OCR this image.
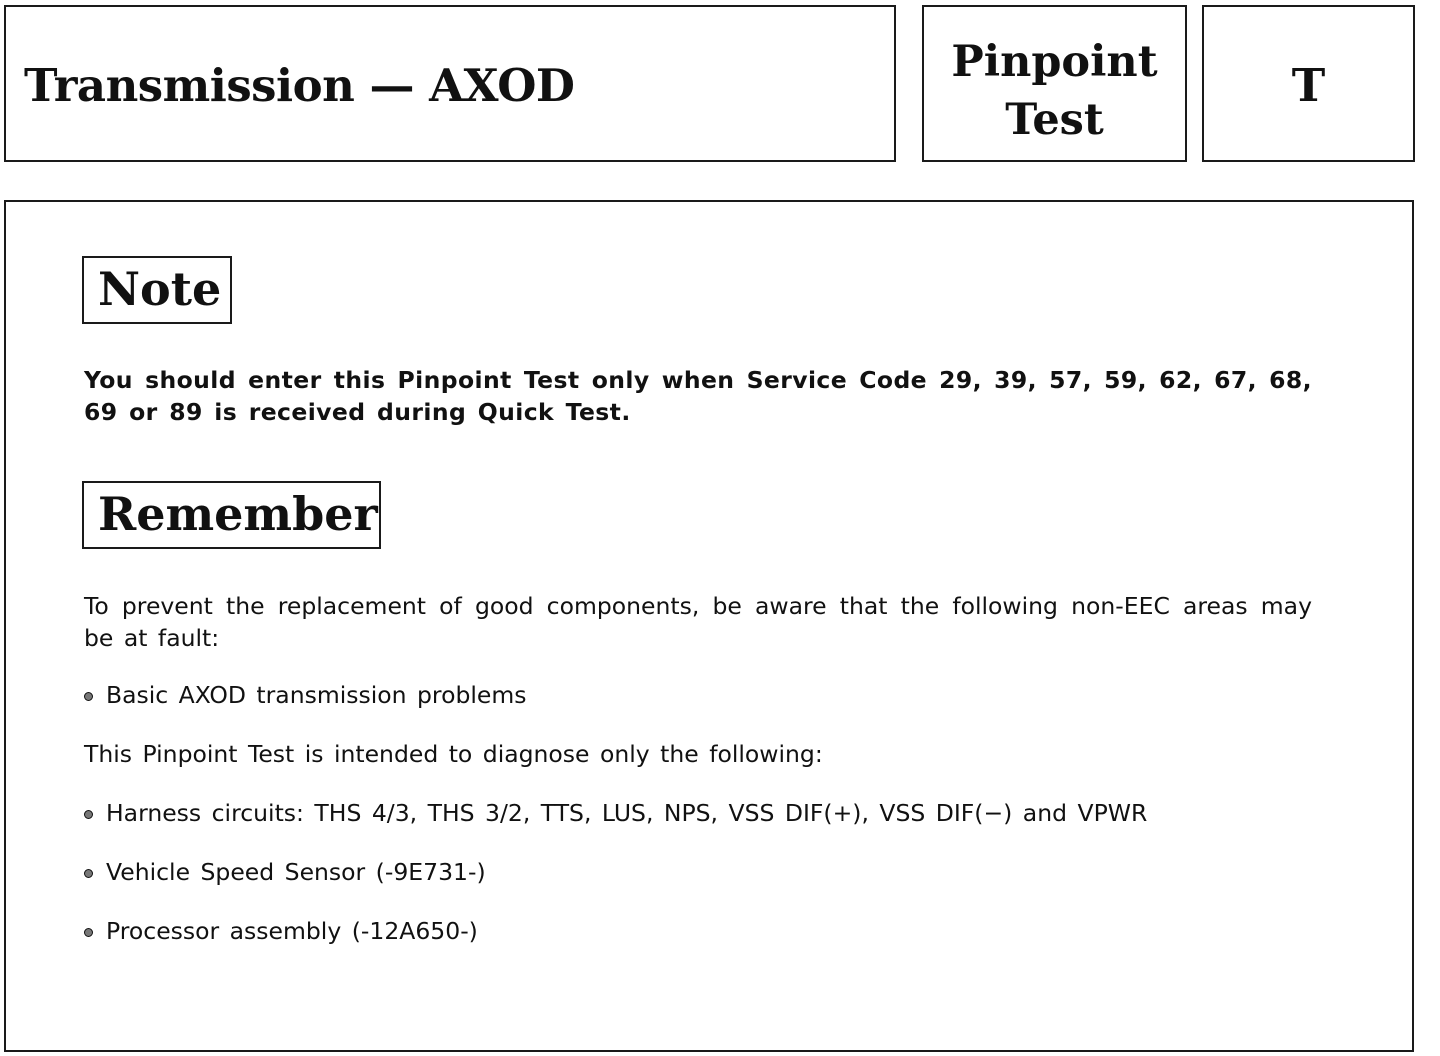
Transmission — AXOD	Pinpoint
Test
T
Note
You should enter this Pinpoint Test only when Service Code 29, 39, 57, 59, 62, 67, 68, 69 or 89 is received during Quick Test.
Remember
To prevent the replacement of good components, be aware that the following non-EEC areas may be at fault:
Basic AXOD transmission problems
This Pinpoint Test is intended to diagnose only the following:
Harness circuits: THS 4/3, THS 3/2, TTS, LUS, NPS, VSS DIF(+), VSS DIF(−) and VPWR
Vehicle Speed Sensor (-9E731-)
Processor assembly (-12A650-)
